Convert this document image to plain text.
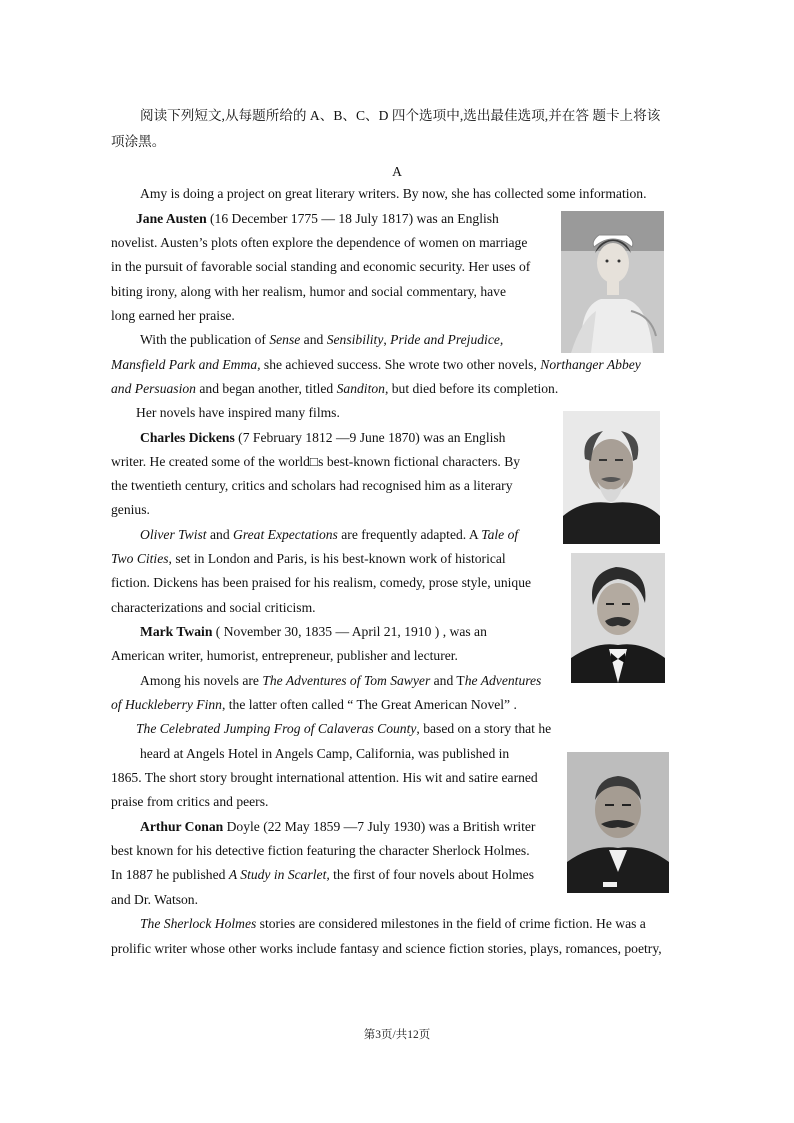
阅读下列短文,从每题所给的 A、B、C、D 四个选项中,选出最佳选项,并在答 题卡上将该
项涂黑。
A
Amy is doing a project on great literary writers. By now, she has collected some information.
Jane Austen (16 December 1775 — 18 July 1817) was an English
novelist. Austen’s plots often explore the dependence of women on marriage
in the pursuit of favorable social standing and economic security. Her uses of
biting irony, along with her realism, humor and social commentary, have
long earned her praise.
With the publication of Sense and Sensibility, Pride and Prejudice,
Mansfield Park and Emma, she achieved success. She wrote two other novels, Northanger Abbey
and Persuasion and began another, titled Sanditon, but died before its completion.
Her novels have inspired many films.
Charles Dickens (7 February 1812 —9 June 1870) was an English
writer. He created some of the world□s best-known fictional characters. By
the twentieth century, critics and scholars had recognised him as a literary
genius.
Oliver Twist and Great Expectations are frequently adapted. A Tale of
Two Cities, set in London and Paris, is his best-known work of historical
fiction. Dickens has been praised for his realism, comedy, prose style, unique
characterizations and social criticism.
Mark Twain ( November 30, 1835 — April 21, 1910 ) , was an
American writer, humorist, entrepreneur, publisher and lecturer.
Among his novels are The Adventures of Tom Sawyer and The Adventures
of Huckleberry Finn, the latter often called “ The Great American Novel” .
The Celebrated Jumping Frog of Calaveras County, based on a story that he
heard at Angels Hotel in Angels Camp, California, was published in
1865. The short story brought international attention. His wit and satire earned
praise from critics and peers.
Arthur Conan Doyle (22 May 1859 —7 July 1930) was a British writer
best known for his detective fiction featuring the character Sherlock Holmes.
In 1887 he published A Study in Scarlet, the first of four novels about Holmes
and Dr. Watson.
The Sherlock Holmes stories are considered milestones in the field of crime fiction. He was a
prolific writer whose other works include fantasy and science fiction stories, plays, romances, poetry,
第3页/共12页
